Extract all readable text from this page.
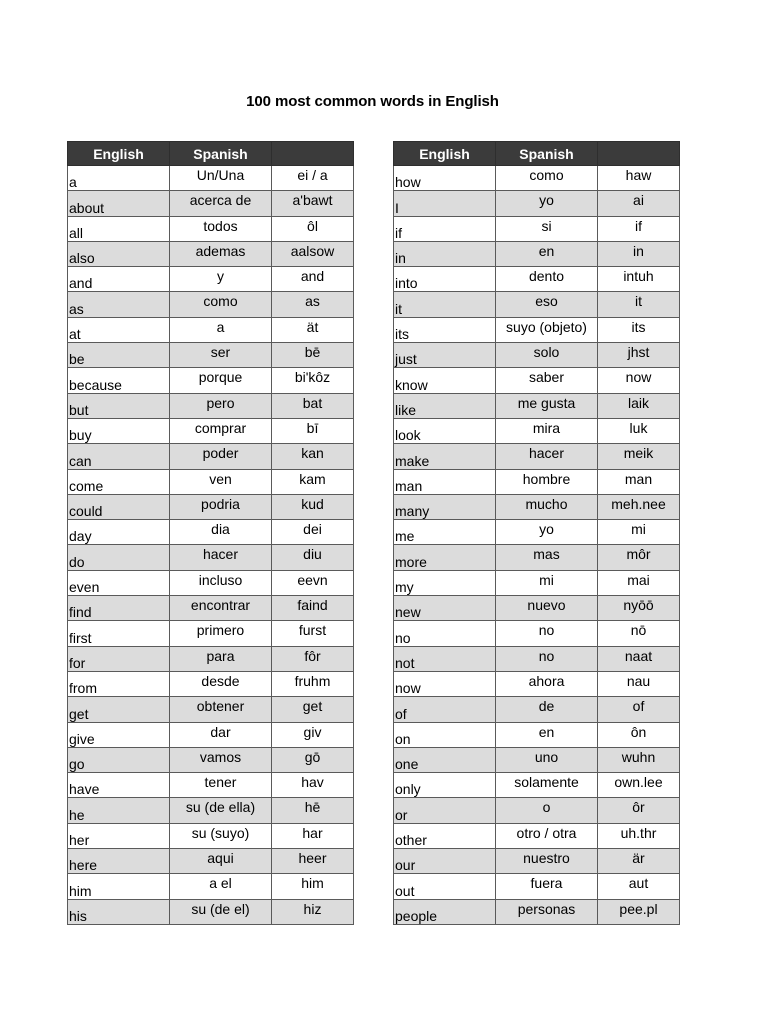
100 most common words in English
English	Spanish	
a	Un/Una	ei / a
about	acerca de	a'bawt
all	todos	ôl
also	ademas	aalsow
and	y	and
as	como	as
at	a	ät
be	ser	bē
because	porque	bi'kôz
but	pero	bat
buy	comprar	bī
can	poder	kan
come	ven	kam
could	podria	kud
day	dia	dei
do	hacer	diu
even	incluso	eevn
find	encontrar	faind
first	primero	furst
for	para	fôr
from	desde	fruhm
get	obtener	get
give	dar	giv
go	vamos	gō
have	tener	hav
he	su (de ella)	hē
her	su (suyo)	har
here	aqui	heer
him	a el	him
his	su (de el)	hiz
English	Spanish	
how	como	haw
I	yo	ai
if	si	if
in	en	in
into	dento	intuh
it	eso	it
its	suyo (objeto)	its
just	solo	jhst
know	saber	now
like	me gusta	laik
look	mira	luk
make	hacer	meik
man	hombre	man
many	mucho	meh.nee
me	yo	mi
more	mas	môr
my	mi	mai
new	nuevo	nyōō
no	no	nō
not	no	naat
now	ahora	nau
of	de	of
on	en	ôn
one	uno	wuhn
only	solamente	own.lee
or	o	ôr
other	otro / otra	uh.thr
our	nuestro	är
out	fuera	aut
people	personas	pee.pl
